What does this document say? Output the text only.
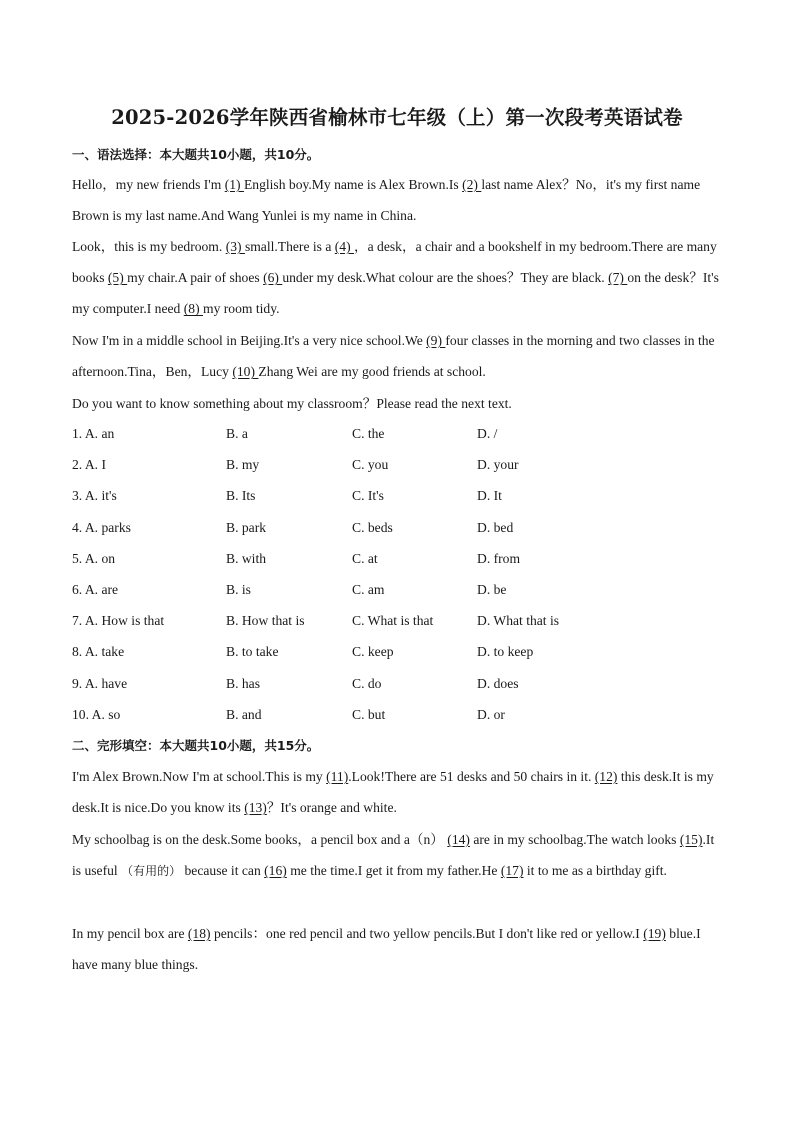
2025-2026学年陕西省榆林市七年级（上）第一次段考英语试卷
一、语法选择：本大题共10小题，共10分。

Hello，my new friends I'm (1) English boy.My name is Alex Brown.Is (2) last name Alex？No，it's my first name Brown is my last name.And Wang Yunlei is my name in China.

Look，this is my bedroom. (3) small.There is a (4) ，a desk，a chair and a bookshelf in my bedroom.There are many books (5) my chair.A pair of shoes (6) under my desk.What colour are the shoes？They are black. (7) on the desk？It's my computer.I need (8) my room tidy.

Now I'm in a middle school in Beijing.It's a very nice school.We (9) four classes in the morning and two classes in the afternoon.Tina，Ben，Lucy (10) Zhang Wei are my good friends at school.

Do you want to know something about my classroom？Please read the next text.

1. A. an	B. a	C. the	D. /
2. A. I	B. my	C. you	D. your
3. A. it's	B. Its	C. It's	D. It
4. A. parks	B. park	C. beds	D. bed
5. A. on	B. with	C. at	D. from
6. A. are	B. is	C. am	D. be
7. A. How is that	B. How that is	C. What is that	D. What that is
8. A. take	B. to take	C. keep	D. to keep
9. A. have	B. has	C. do	D. does
10. A. so	B. and	C. but	D. or
二、完形填空：本大题共10小题，共15分。

I'm Alex Brown.Now I'm at school.This is my (11).Look!There are 51 desks and 50 chairs in it. (12) this desk.It is my desk.It is nice.Do you know its (13)？It's orange and white.

My schoolbag is on the desk.Some books，a pencil box and a（n） (14) are in my schoolbag.The watch looks (15).It is useful （有用的） because it can (16) me the time.I get it from my father.He (17) it to me as a birthday gift.

In my pencil box are (18) pencils：one red pencil and two yellow pencils.But I don't like red or yellow.I (19) blue.I have many blue things.
